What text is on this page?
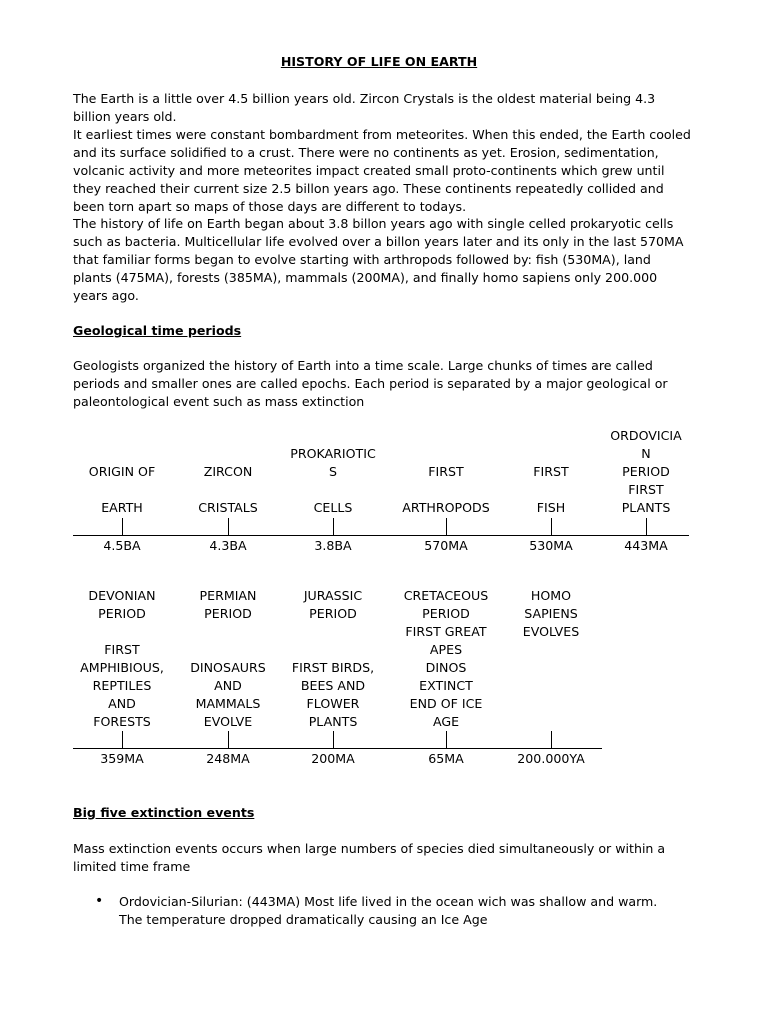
HISTORY OF LIFE ON EARTH

The Earth is a little over 4.5 billion years old. Zircon Crystals is the oldest material being 4.3 billion years old.

It earliest times were constant bombardment from meteorites. When this ended, the Earth cooled and its surface solidified to a crust. There were no continents as yet. Erosion, sedimentation, volcanic activity and more meteorites impact created small proto-continents which grew until they reached their current size 2.5 billon years ago. These continents repeatedly collided and been torn apart so maps of those days are different to todays.

The history of life on Earth began about 3.8 billon years ago with single celled prokaryotic cells such as bacteria. Multicellular life evolved over a billon years later and its only in the last 570MA that familiar forms began to evolve starting with arthropods followed by: fish (530MA), land plants (475MA), forests (385MA), mammals (200MA), and finally homo sapiens only 200.000 years ago.

Geological time periods

Geologists organized the history of Earth into a time scale. Large chunks of times are called periods and smaller ones are called epochs. Each period is separated by a major geological or paleontological event such as mass extinction

ORIGIN OF

EARTH
4.5BA
ZIRCON

CRISTALS
4.3BA
PROKARIOTIC
S

CELLS
3.8BA
FIRST

ARTHROPODS
570MA
FIRST

FISH
530MA
ORDOVICIA
N
PERIOD
FIRST
PLANTS
443MA
DEVONIAN
PERIOD

FIRST
AMPHIBIOUS,
REPTILES
AND
FORESTS
359MA
PERMIAN
PERIOD

DINOSAURS
AND
MAMMALS
EVOLVE
248MA
JURASSIC
PERIOD

FIRST BIRDS,
BEES AND
FLOWER
PLANTS
200MA
CRETACEOUS
PERIOD
FIRST GREAT
APES
DINOS
EXTINCT
END OF ICE
AGE
65MA
HOMO
SAPIENS
EVOLVES

200.000YA
Big five extinction events

Mass extinction events occurs when large numbers of species died simultaneously or within a limited time frame

• Ordovician-Silurian: (443MA) Most life lived in the ocean wich was shallow and warm. The temperature dropped dramatically causing an Ice Age
